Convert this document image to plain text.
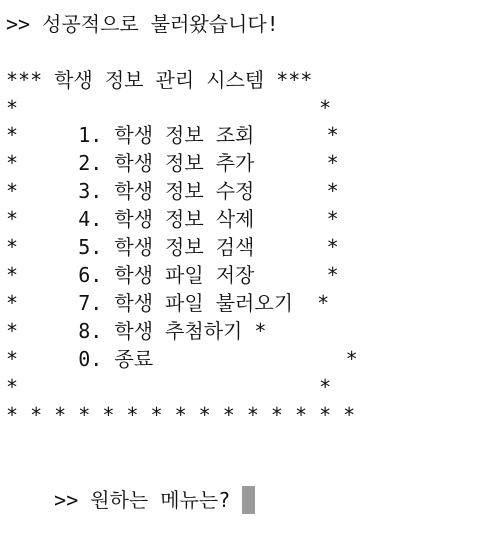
>> 성공적으로 불러왔습니다!
*** 학생 정보 관리 시스템 ***
*                         *
*     1. 학생 정보 조회      *
*     2. 학생 정보 추가      *
*     3. 학생 정보 수정      *
*     4. 학생 정보 삭제      *
*     5. 학생 정보 검색      *
*     6. 학생 파일 저장      *
*     7. 학생 파일 불러오기  *
*     8. 학생 추첨하기 *
*     0. 종료                *
*                         *
* * * * * * * * * * * * * * *

>> 원하는 메뉴는?
